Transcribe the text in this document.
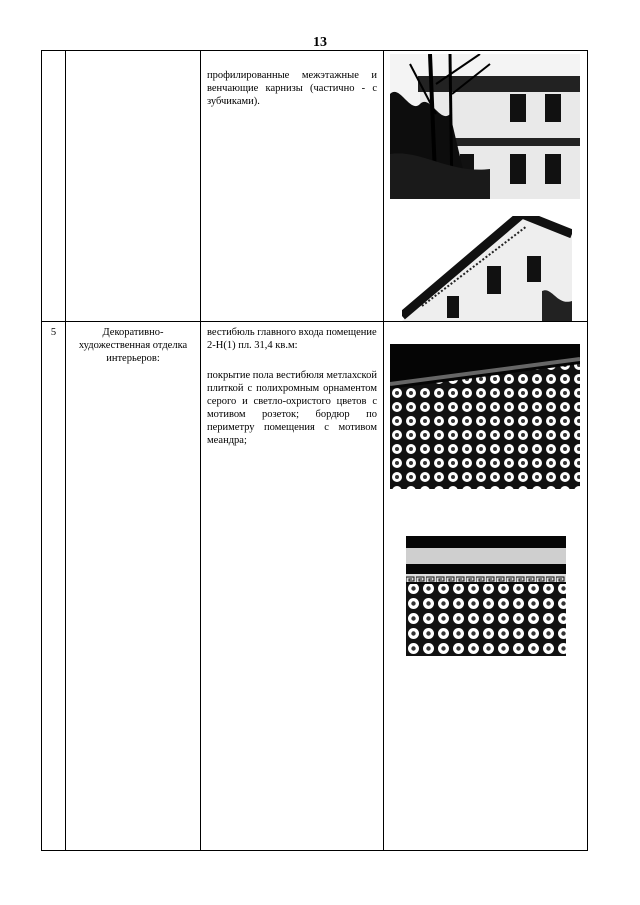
13
профилированные межэтажные и венчающие карнизы (частично - с зубчиками).
5	Декоративно-художественная отделка интерьеров:
вестибюль главного входа помещение 2-Н(1) пл. 31,4 кв.м:
покрытие пола вестибюля метлахской плиткой с полихромным орнаментом серого и светло-охристого цветов с мотивом розеток; бордюр по периметру помещения с мотивом меандра;
